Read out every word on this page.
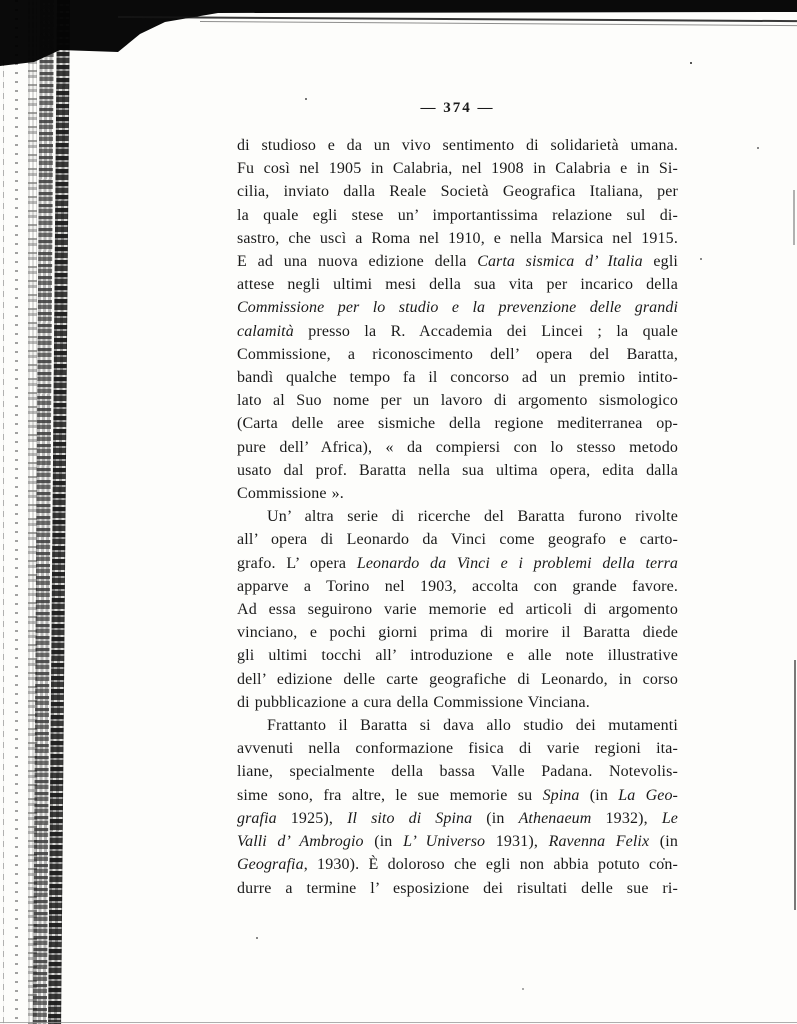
— 374 —
di studioso e da un vivo sentimento di solidarietà umana.
Fu così nel 1905 in Calabria, nel 1908 in Calabria e in Si-
cilia, inviato dalla Reale Società Geografica Italiana, per
la quale egli stese un’ importantissima relazione sul di-
sastro, che uscì a Roma nel 1910, e nella Marsica nel 1915.
E ad una nuova edizione della Carta sismica d’ Italia egli
attese negli ultimi mesi della sua vita per incarico della
Commissione per lo studio e la prevenzione delle grandi
calamità presso la R. Accademia dei Lincei ; la quale
Commissione, a riconoscimento dell’ opera del Baratta,
bandì qualche tempo fa il concorso ad un premio intito-
lato al Suo nome per un lavoro di argomento sismologico
(Carta delle aree sismiche della regione mediterranea op-
pure dell’ Africa), « da compiersi con lo stesso metodo
usato dal prof. Baratta nella sua ultima opera, edita dalla
Commissione ».
Un’ altra serie di ricerche del Baratta furono rivolte
all’ opera di Leonardo da Vinci come geografo e carto-
grafo. L’ opera Leonardo da Vinci e i problemi della terra
apparve a Torino nel 1903, accolta con grande favore.
Ad essa seguirono varie memorie ed articoli di argomento
vinciano, e pochi giorni prima di morire il Baratta diede
gli ultimi tocchi all’ introduzione e alle note illustrative
dell’ edizione delle carte geografiche di Leonardo, in corso
di pubblicazione a cura della Commissione Vinciana.
Frattanto il Baratta si dava allo studio dei mutamenti
avvenuti nella conformazione fisica di varie regioni ita-
liane, specialmente della bassa Valle Padana. Notevolis-
sime sono, fra altre, le sue memorie su Spina (in La Geo-
grafia 1925), Il sito di Spina (in Athenaeum 1932), Le
Valli d’ Ambrogio (in L’ Universo 1931), Ravenna Felix (in
Geografia, 1930). È doloroso che egli non abbia potuto con-
durre a termine l’ esposizione dei risultati delle sue ri-
